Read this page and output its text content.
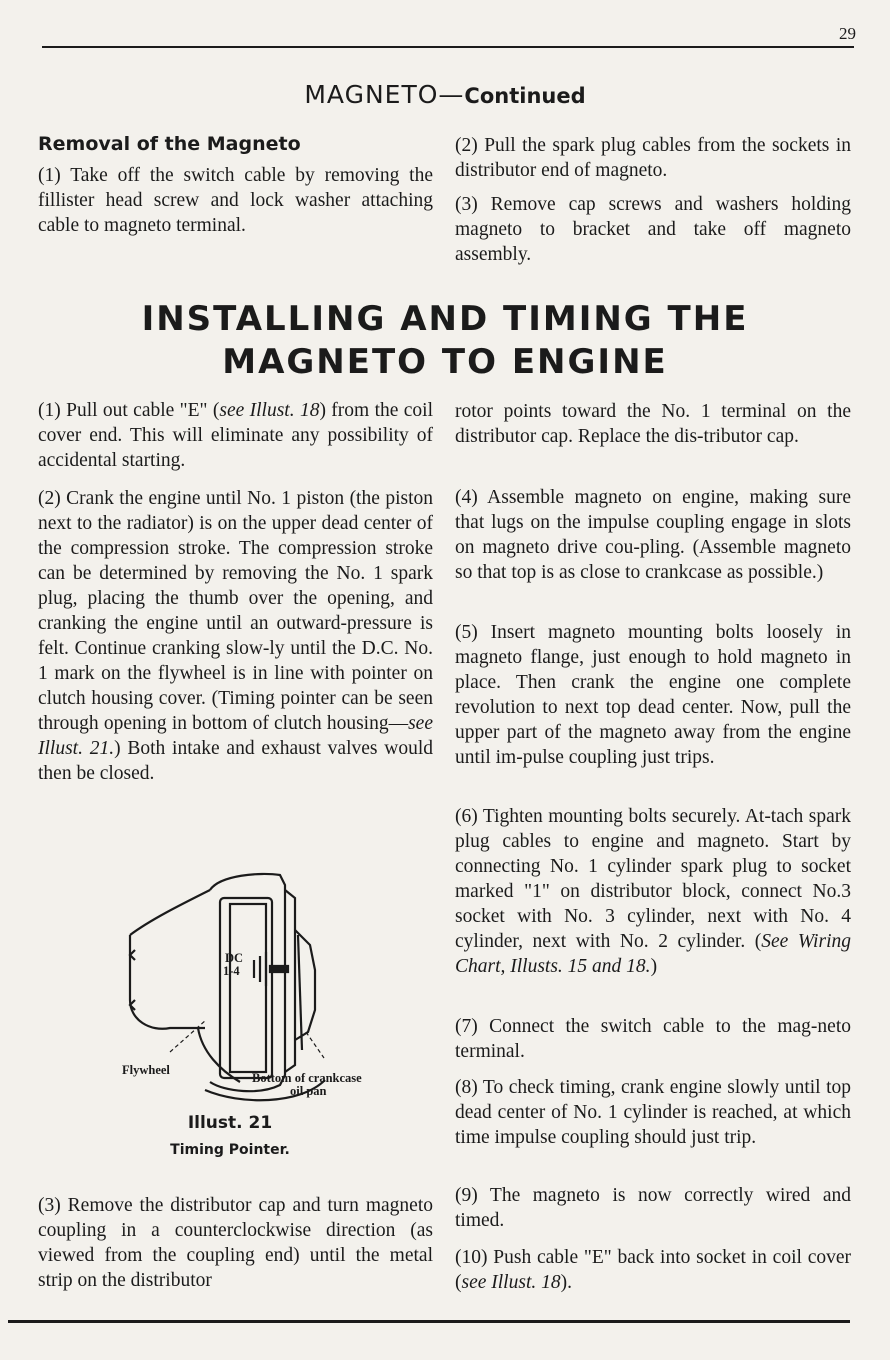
29
MAGNETO—Continued
Removal of the Magneto

(1) Take off the switch cable by removing the fillister head screw and lock washer attaching cable to magneto terminal.

(2) Pull the spark plug cables from the sockets in distributor end of magneto.

(3) Remove cap screws and washers holding magneto to bracket and take off magneto assembly.

INSTALLING AND TIMING THE
MAGNETO TO ENGINE

(1) Pull out cable "E" (see Illust. 18) from the coil cover end. This will eliminate any possibility of accidental starting.

(2) Crank the engine until No. 1 piston (the piston next to the radiator) is on the upper dead center of the compression stroke. The compression stroke can be determined by removing the No. 1 spark plug, placing the thumb over the opening, and cranking the engine until an outward-pressure is felt. Continue cranking slow-ly until the D.C. No. 1 mark on the flywheel is in line with pointer on clutch housing cover. (Timing pointer can be seen through opening in bottom of clutch housing—see Illust. 21.) Both intake and exhaust valves would then be closed.

DC
1-4
Flywheel
Bottom of crankcase
oil pan
Illust. 21
Timing Pointer.

(3) Remove the distributor cap and turn magneto coupling in a counterclockwise direction (as viewed from the coupling end) until the metal strip on the distributor

rotor points toward the No. 1 terminal on the distributor cap. Replace the dis-tributor cap.

(4) Assemble magneto on engine, making sure that lugs on the impulse coupling engage in slots on magneto drive cou-pling. (Assemble magneto so that top is as close to crankcase as possible.)

(5) Insert magneto mounting bolts loosely in magneto flange, just enough to hold magneto in place. Then crank the engine one complete revolution to next top dead center. Now, pull the upper part of the magneto away from the engine until im-pulse coupling just trips.

(6) Tighten mounting bolts securely. At-tach spark plug cables to engine and magneto. Start by connecting No. 1 cylinder spark plug to socket marked "1" on distributor block, connect No.3 socket with No. 3 cylinder, next with No. 4 cylinder, next with No. 2 cylinder. (See Wiring Chart, Illusts. 15 and 18.)

(7) Connect the switch cable to the mag-neto terminal.

(8) To check timing, crank engine slowly until top dead center of No. 1 cylinder is reached, at which time impulse coupling should just trip.

(9) The magneto is now correctly wired and timed.

(10) Push cable "E" back into socket in coil cover (see Illust. 18).
